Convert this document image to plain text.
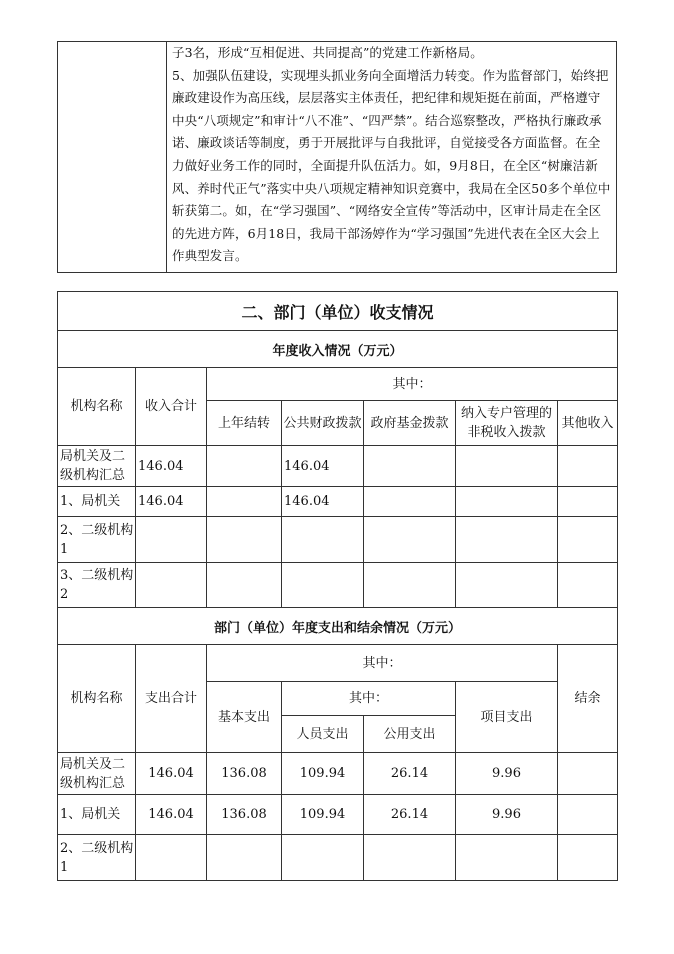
子3名，形成“互相促进、共同提高”的党建工作新格局。

5、加强队伍建设，实现埋头抓业务向全面增活力转变。作为监督部门，始终把廉政建设作为高压线，层层落实主体责任，把纪律和规矩挺在前面，严格遵守中央“八项规定”和审计“八不准”、“四严禁”。结合巡察整改，严格执行廉政承诺、廉政谈话等制度，勇于开展批评与自我批评，自觉接受各方面监督。在全力做好业务工作的同时，全面提升队伍活力。如，9月8日，在全区“树廉洁新风、养时代正气”落实中央八项规定精神知识竞赛中，我局在全区50多个单位中斩获第二。如，在“学习强国”、“网络安全宣传”等活动中，区审计局走在全区的先进方阵，6月18日，我局干部汤婷作为“学习强国”先进代表在全区大会上作典型发言。

二、部门（单位）收支情况						
年度收入情况（万元）						
机构名称	收入合计	其中：				
		上年结转	公共财政拨款	政府基金拨款	纳入专户管理的非税收入拨款	其他收入
局机关及二级机构汇总	146.04		146.04			
1、局机关	146.04		146.04			
2、二级机构1						
3、二级机构2						
部门（单位）年度支出和结余情况（万元）						
机构名称	支出合计	其中：				结余
		基本支出	其中：		项目支出	
			人员支出	公用支出		
局机关及二级机构汇总	146.04	136.08	109.94	26.14	9.96	
1、局机关	146.04	136.08	109.94	26.14	9.96	
2、二级机构1						
